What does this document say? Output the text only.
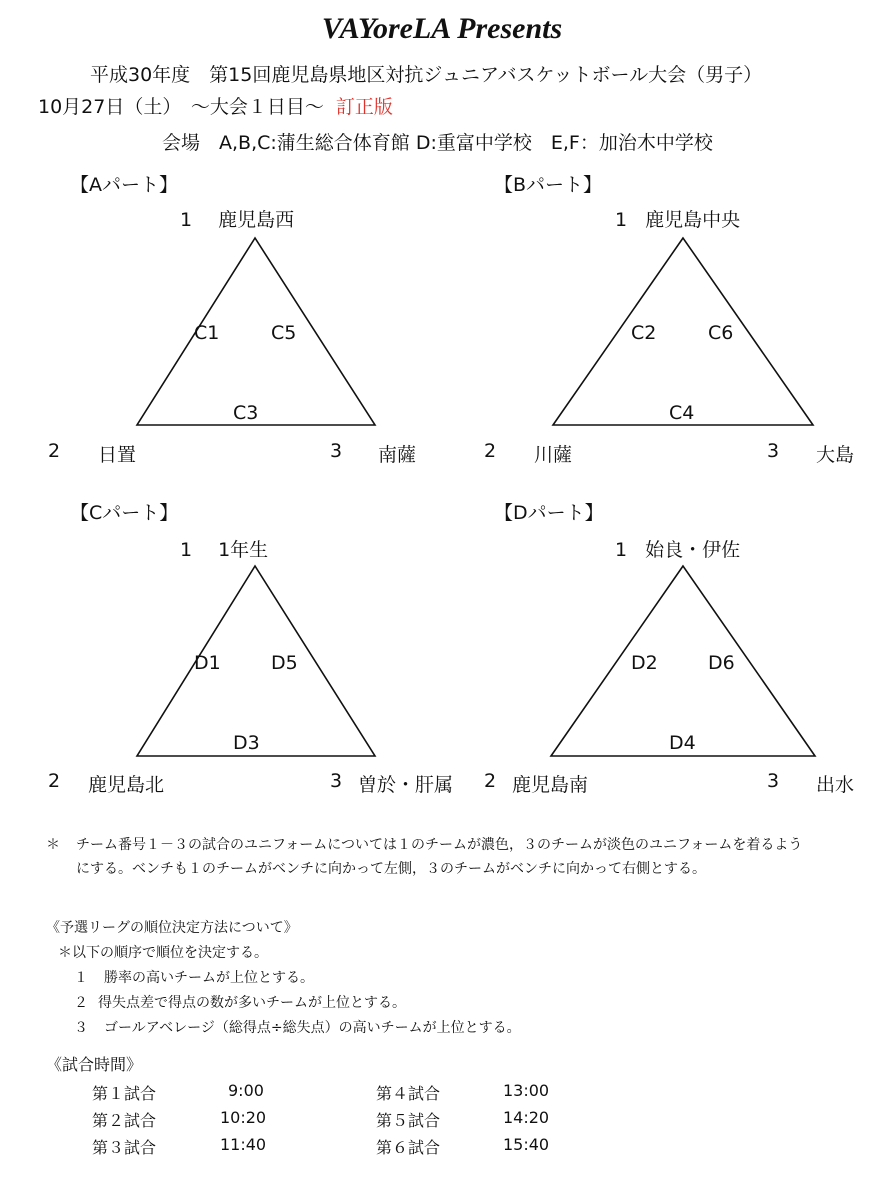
VAYoreLA Presents
平成30年度　第15回鹿児島県地区対抗ジュニアバスケットボール大会（男子）
10月27日（土）　～大会１日目～ 訂正版
会場　A,B,C:蒲生総合体育館 D:重富中学校　E,F：加治木中学校
【Aパート】
1 鹿児島西
C1	C5
C3
2 日置	3 南薩
【Bパート】
1 鹿児島中央
C2	C6
C4
2 川薩	3 大島
【Cパート】
1 1年生
D1	D5
D3
2 鹿児島北	3 曽於・肝属
【Dパート】
1 始良・伊佐
D2	D6
D4
2 鹿児島南	3 出水
＊ チーム番号１－３の試合のユニフォームについては１のチームが濃色，３のチームが淡色のユニフォームを着るよう
にする。ベンチも１のチームがベンチに向かって左側，３のチームがベンチに向かって右側とする。
《予選リーグの順位決定方法について》
＊以下の順序で順位を決定する。
１ 勝率の高いチームが上位とする。
２ 得失点差で得点の数が多いチームが上位とする。
３ ゴールアベレージ（総得点÷総失点）の高いチームが上位とする。
《試合時間》
第１試合	9:00
第２試合	10:20
第３試合	11:40
第４試合	13:00
第５試合	14:20
第６試合	15:40
